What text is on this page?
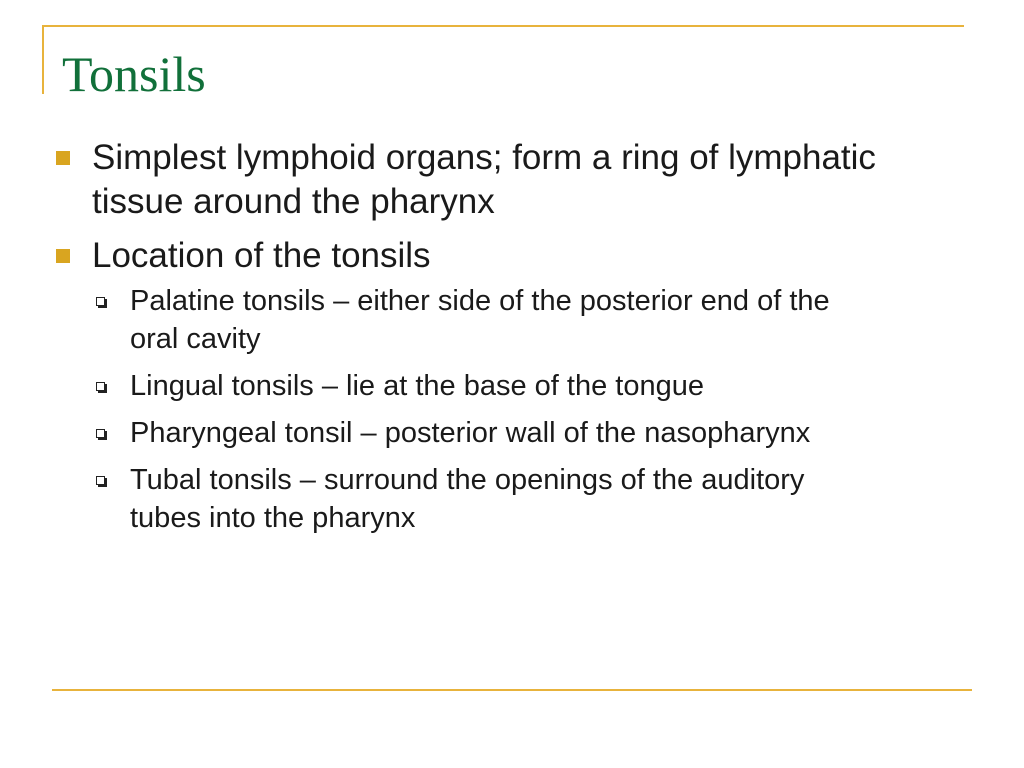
Tonsils
Simplest lymphoid organs; form a ring of lymphatic tissue around the pharynx
Location of the tonsils
Palatine tonsils – either side of the posterior end of the oral cavity
Lingual tonsils – lie at the base of the tongue
Pharyngeal tonsil – posterior wall of the nasopharynx
Tubal tonsils – surround the openings of the auditory tubes into the pharynx
